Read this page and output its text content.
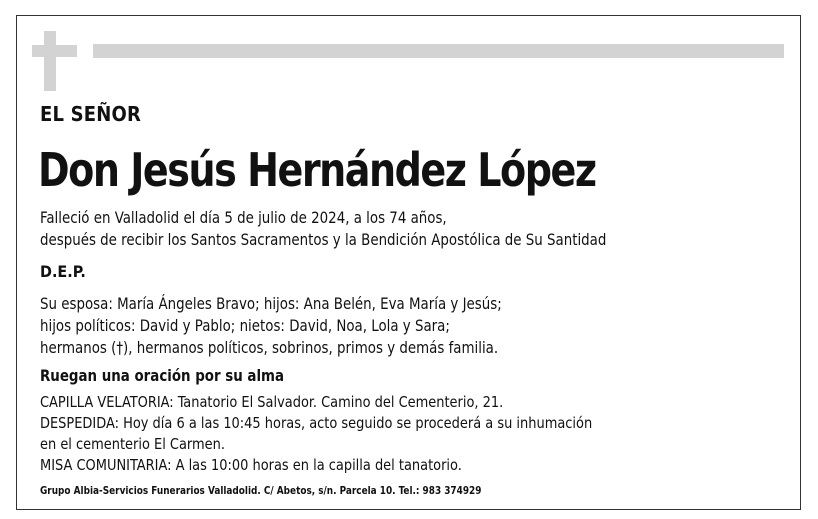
EL SEÑOR
Don Jesús Hernández López
Falleció en Valladolid el día 5 de julio de 2024, a los 74 años,
después de recibir los Santos Sacramentos y la Bendición Apostólica de Su Santidad
D.E.P.
Su esposa: María Ángeles Bravo; hijos: Ana Belén, Eva María y Jesús;
hijos políticos: David y Pablo; nietos: David, Noa, Lola y Sara;
hermanos (†), hermanos políticos, sobrinos, primos y demás familia.
Ruegan una oración por su alma
CAPILLA VELATORIA: Tanatorio El Salvador. Camino del Cementerio, 21.
DESPEDIDA: Hoy día 6 a las 10:45 horas, acto seguido se procederá a su inhumación
en el cementerio El Carmen.
MISA COMUNITARIA: A las 10:00 horas en la capilla del tanatorio.
Grupo Albia-Servicios Funerarios Valladolid. C/ Abetos, s/n. Parcela 10. Tel.: 983 374929
